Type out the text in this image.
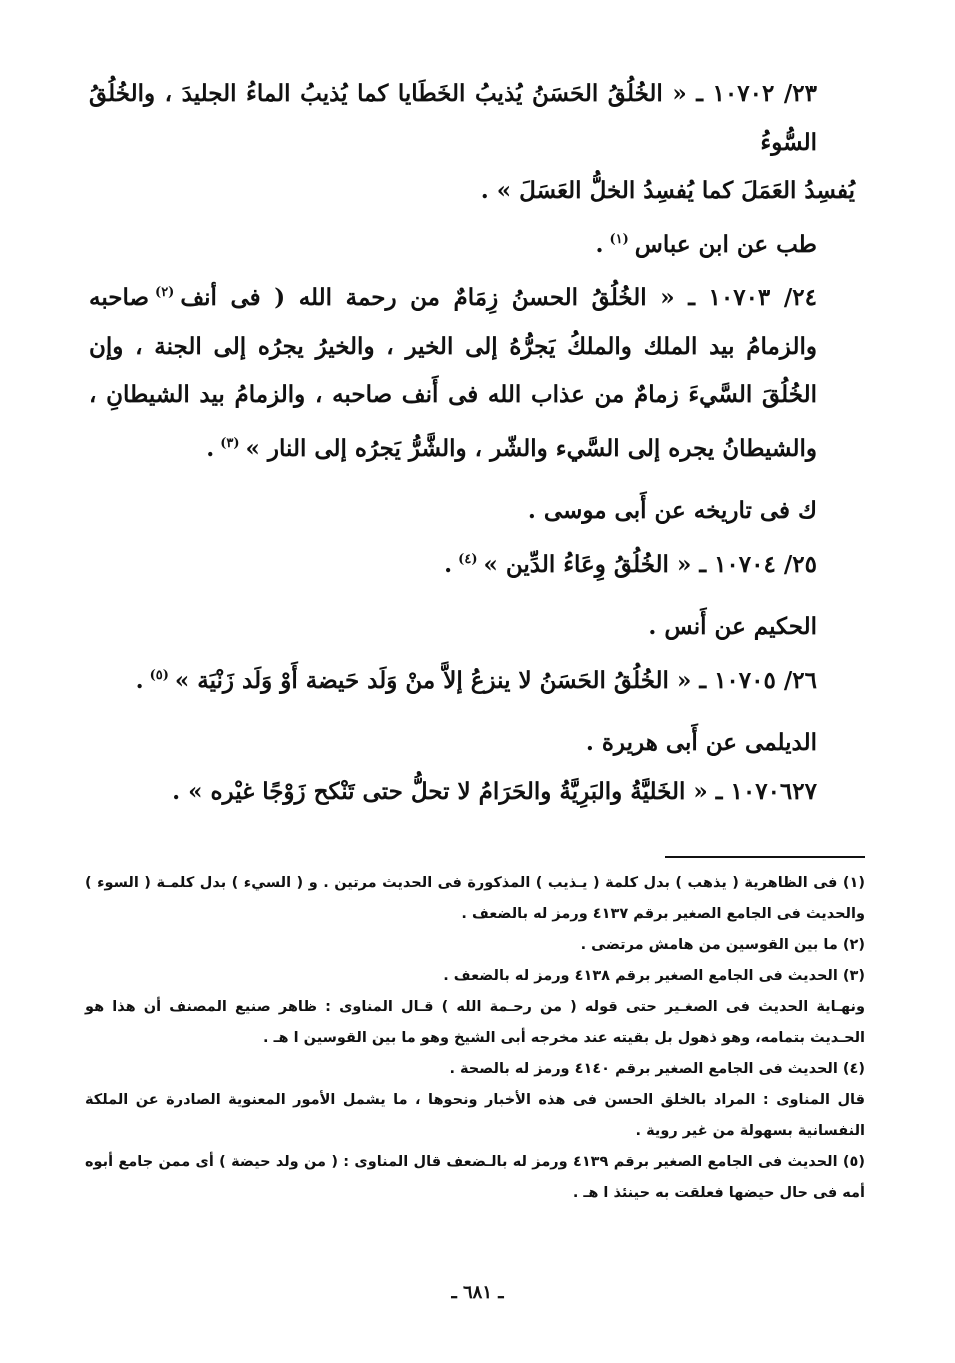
٢٣/ ١٠٧٠٢ ـ « الخُلُقُ الحَسَنُ يُذيبُ الخَطَايا كما يُذيبُ الماءُ الجليدَ ، والخُلُقُ السُّوءُ

يُفسِدُ العَمَلَ كما يُفسِدُ الخلُّ العَسَلَ » .

طب عن ابن عباس$^{(١)}$.

٢٤/ ١٠٧٠٣ ـ « الخُلُقُ الحسنُ زِمَامٌ من رحمة الله ( فى أنف$^{(٢)}$صاحبه والزمامُ بيد الملك والملكُ يَجرُّهُ إلى الخير ، والخيرُ يجرُه إلى الجنة ، وإن الخُلُقَ السَّيءَ زمامٌ من عذاب الله فى أَنف صاحبه ، والزمامُ بيد الشيطانِ ، والشيطانُ يجره إلى السَّيء والشّر ، والشَّرُّ يَجرُه إلى النار »$^{(٣)}$.

ك فى تاريخه عن أَبى موسى .

٢٥/ ١٠٧٠٤ ـ « الخُلُقُ وِعَاءُ الدِّين »$^{(٤)}$.

الحكيم عن أَنس .

٢٦/ ١٠٧٠٥ ـ « الخُلُقُ الحَسَنُ لا ينزعُ إلاَّ منْ وَلَد حَيضة أَوْ وَلَد زَنْيَة »$^{(٥)}$.

الديلمى عن أَبى هريرة .

١٠٧٠٦٢٧ ـ « الخَليَّةُ والبَرِيَّةُ والحَرَامُ لا تحلُّ حتى تَنْكح زَوْجًا غيْره » .

(١) فى الظاهرية ( يذهب ) بدل كلمة ( يـذيب ) المذكورة فى الحديث مرتين . و ( السيء ) بدل كلمـة ( السوء ) والحديث فى الجامع الصغير برقم ٤١٣٧ ورمز له بالضعف .

(٢) ما بين القوسين من هامش مرتضى .

(٣) الحديث فى الجامع الصغير برقم ٤١٣٨ ورمز له بالضعف .

ونهـاية الحديث فى الصغـير حتى قوله ( من رحـمة الله ) قـال المناوى : ظاهر صنيع المصنف أن هذا هو الحـديث بتمامه، وهو ذهول بل بقيته عند مخرجه أبى الشيخ وهو ما بين القوسين ا هـ .

(٤) الحديث فى الجامع الصغير برقم ٤١٤٠ ورمز له بالصحة .

قال المناوى : المراد بالخلق الحسن فى هذه الأخبار ونحوها ، ما يشمل الأمور المعنوية الصادرة عن الملكة النفسانية بسهولة من غير روية .

(٥) الحديث فى الجامع الصغير برقم ٤١٣٩ ورمز له بالـضعف قال المناوى : ( من ولد حيضة ) أى ممن جامع أبوه أمه فى حال حيضها فعلقت به حينئذ ا هـ .

ـ ٦٨١ ـ
